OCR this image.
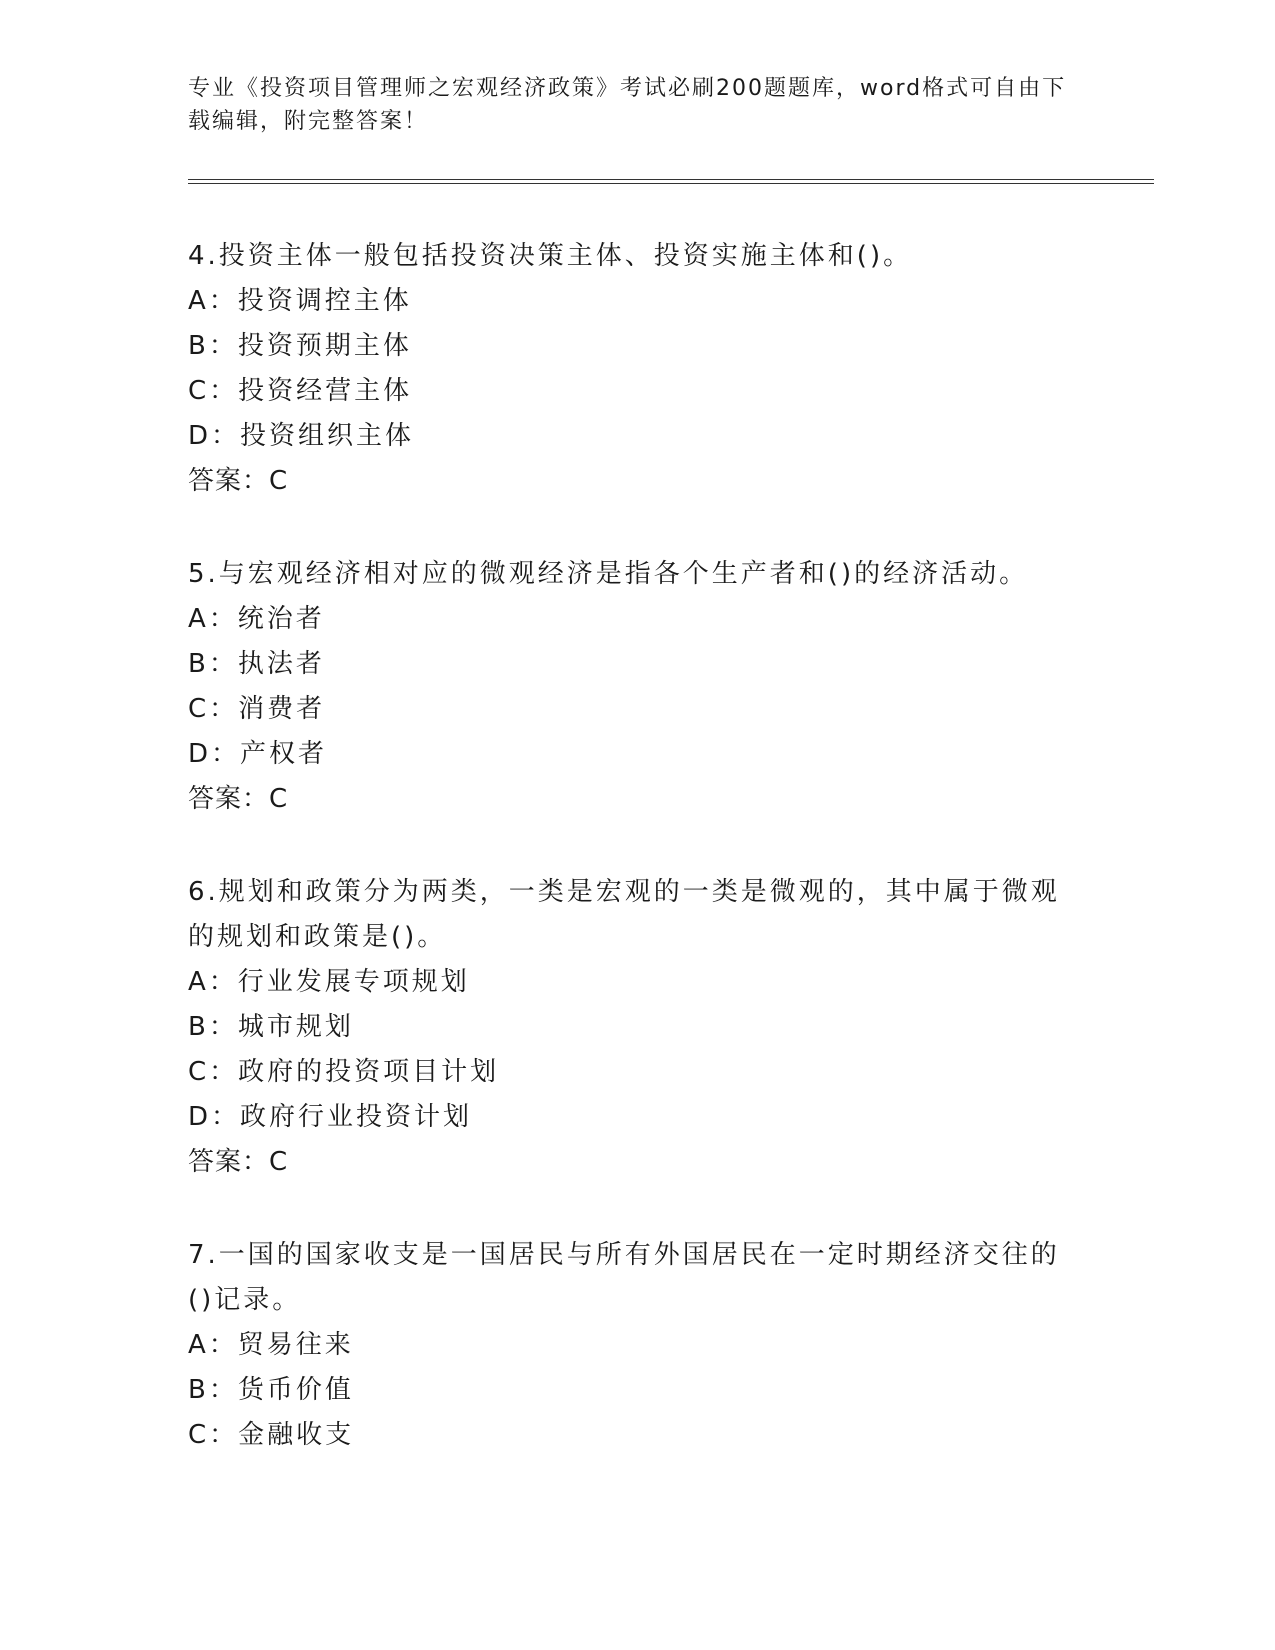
专业《投资项目管理师之宏观经济政策》考试必刷200题题库，word格式可自由下载编辑，附完整答案！

4.投资主体一般包括投资决策主体、投资实施主体和()。

A：投资调控主体

B：投资预期主体

C：投资经营主体

D：投资组织主体

答案：C

5.与宏观经济相对应的微观经济是指各个生产者和()的经济活动。

A：统治者

B：执法者

C：消费者

D：产权者

答案：C

6.规划和政策分为两类，一类是宏观的一类是微观的，其中属于微观的规划和政策是()。

A：行业发展专项规划

B：城市规划

C：政府的投资项目计划

D：政府行业投资计划

答案：C

7.一国的国家收支是一国居民与所有外国居民在一定时期经济交往的()记录。

A：贸易往来

B：货币价值

C：金融收支
